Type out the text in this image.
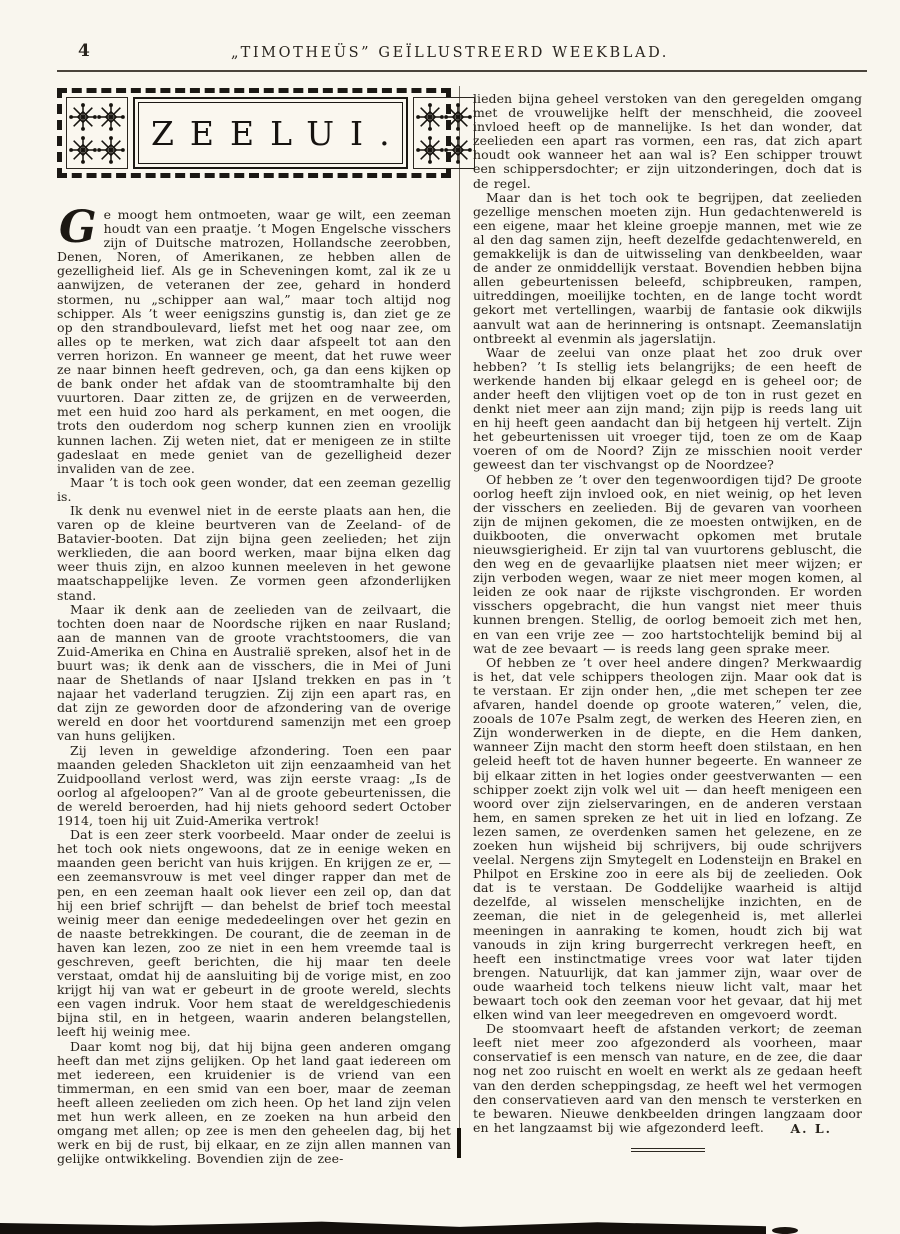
4	„TIMOTHEÜS” GEÏLLUSTREERD WEEKBLAD.
ZEELUI.

Ge moogt hem ontmoeten, waar ge wilt, een zeeman houdt van een praatje. ’t Mogen Engelsche visschers zijn of Duitsche matrozen, Hollandsche zeerobben, Denen, Noren, of Amerikanen, ze hebben allen de gezelligheid lief. Als ge in Scheveningen komt, zal ik ze u aanwijzen, de veteranen der zee, gehard in honderd stormen, nu „schipper aan wal,” maar toch altijd nog schipper. Als ’t weer eenigszins gunstig is, dan ziet ge ze op den strandboulevard, liefst met het oog naar zee, om alles op te merken, wat zich daar afspeelt tot aan den verren horizon. En wanneer ge meent, dat het ruwe weer ze naar binnen heeft gedreven, och, ga dan eens kijken op de bank onder het afdak van de stoomtramhalte bij den vuurtoren. Daar zitten ze, de grijzen en de verweerden, met een huid zoo hard als perkament, en met oogen, die trots den ouderdom nog scherp kunnen zien en vroolijk kunnen lachen. Zij weten niet, dat er menigeen ze in stilte gadeslaat en mede geniet van de gezelligheid dezer invaliden van de zee.

Maar ’t is toch ook geen wonder, dat een zeeman gezellig is.

Ik denk nu evenwel niet in de eerste plaats aan hen, die varen op de kleine beurtveren van de Zeeland- of de Batavier-booten. Dat zijn bijna geen zeelieden; het zijn werklieden, die aan boord werken, maar bijna elken dag weer thuis zijn, en alzoo kunnen meeleven in het gewone maatschappelijke leven. Ze vormen geen afzonderlijken stand.

Maar ik denk aan de zeelieden van de zeilvaart, die tochten doen naar de Noordsche rijken en naar Rusland; aan de mannen van de groote vrachtstoomers, die van Zuid-Amerika en China en Australië spreken, alsof het in de buurt was; ik denk aan de visschers, die in Mei of Juni naar de Shetlands of naar IJsland trekken en pas in ’t najaar het vaderland terugzien. Zij zijn een apart ras, en dat zijn ze geworden door de afzondering van de overige wereld en door het voortdurend samenzijn met een groep van huns gelijken.

Zij leven in geweldige afzondering. Toen een paar maanden geleden Shackleton uit zijn eenzaamheid van het Zuidpoolland verlost werd, was zijn eerste vraag: „Is de oorlog al afgeloopen?” Van al de groote gebeurtenissen, die de wereld beroerden, had hij niets gehoord sedert October 1914, toen hij uit Zuid-Amerika vertrok!

Dat is een zeer sterk voorbeeld. Maar onder de zeelui is het toch ook niets ongewoons, dat ze in eenige weken en maanden geen bericht van huis krijgen. En krijgen ze er, — een zeemansvrouw is met veel dinger rapper dan met de pen, en een zeeman haalt ook liever een zeil op, dan dat hij een brief schrijft — dan behelst de brief toch meestal weinig meer dan eenige mededeelingen over het gezin en de naaste betrekkingen. De courant, die de zeeman in de haven kan lezen, zoo ze niet in een hem vreemde taal is geschreven, geeft berichten, die hij maar ten deele verstaat, omdat hij de aansluiting bij de vorige mist, en zoo krijgt hij van wat er gebeurt in de groote wereld, slechts een vagen indruk. Voor hem staat de wereldgeschiedenis bijna stil, en in hetgeen, waarin anderen belangstellen, leeft hij weinig mee.

Daar komt nog bij, dat hij bijna geen anderen omgang heeft dan met zijns gelijken. Op het land gaat iedereen om met iedereen, een kruidenier is de vriend van een timmerman, en een smid van een boer, maar de zeeman heeft alleen zeelieden om zich heen. Op het land zijn velen met hun werk alleen, en ze zoeken na hun arbeid den omgang met allen; op zee is men den geheelen dag, bij het werk en bij de rust, bij elkaar, en ze zijn allen mannen van gelijke ontwikkeling. Bovendien zijn de zee-

lieden bijna geheel verstoken van den geregelden omgang met de vrouwelijke helft der menschheid, die zooveel invloed heeft op de mannelijke. Is het dan wonder, dat zeelieden een apart ras vormen, een ras, dat zich apart houdt ook wanneer het aan wal is? Een schipper trouwt een schippersdochter; er zijn uitzonderingen, doch dat is de regel.

Maar dan is het toch ook te begrijpen, dat zeelieden gezellige menschen moeten zijn. Hun gedachtenwereld is een eigene, maar het kleine groepje mannen, met wie ze al den dag samen zijn, heeft dezelfde gedachtenwereld, en gemakkelijk is dan de uitwisseling van denkbeelden, waar de ander ze onmiddellijk verstaat. Bovendien hebben bijna allen gebeurtenissen beleefd, schipbreuken, rampen, uitreddingen, moeilijke tochten, en de lange tocht wordt gekort met vertellingen, waarbij de fantasie ook dikwijls aanvult wat aan de herinnering is ontsnapt. Zeemanslatijn ontbreekt al evenmin als jagerslatijn.

Waar de zeelui van onze plaat het zoo druk over hebben? ’t Is stellig iets belangrijks; de een heeft de werkende handen bij elkaar gelegd en is geheel oor; de ander heeft den vlijtigen voet op de ton in rust gezet en denkt niet meer aan zijn mand; zijn pijp is reeds lang uit en hij heeft geen aandacht dan bij hetgeen hij vertelt. Zijn het gebeurtenissen uit vroeger tijd, toen ze om de Kaap voeren of om de Noord? Zijn ze misschien nooit verder geweest dan ter vischvangst op de Noordzee?

Of hebben ze ’t over den tegenwoordigen tijd? De groote oorlog heeft zijn invloed ook, en niet weinig, op het leven der visschers en zeelieden. Bij de gevaren van voorheen zijn de mijnen gekomen, die ze moesten ontwijken, en de duikbooten, die onverwacht opkomen met brutale nieuwsgierigheid. Er zijn tal van vuurtorens gebluscht, die den weg en de gevaarlijke plaatsen niet meer wijzen; er zijn verboden wegen, waar ze niet meer mogen komen, al leiden ze ook naar de rijkste vischgronden. Er worden visschers opgebracht, die hun vangst niet meer thuis kunnen brengen. Stellig, de oorlog bemoeit zich met hen, en van een vrije zee — zoo hartstochtelijk bemind bij al wat de zee bevaart — is reeds lang geen sprake meer.

Of hebben ze ’t over heel andere dingen? Merkwaardig is het, dat vele schippers theologen zijn. Maar ook dat is te verstaan. Er zijn onder hen, „die met schepen ter zee afvaren, handel doende op groote wateren,” velen, die, zooals de 107e Psalm zegt, de werken des Heeren zien, en Zijn wonderwerken in de diepte, en die Hem danken, wanneer Zijn macht den storm heeft doen stilstaan, en hen geleid heeft tot de haven hunner begeerte. En wanneer ze bij elkaar zitten in het logies onder geestverwanten — een schipper zoekt zijn volk wel uit — dan heeft menigeen een woord over zijn zielservaringen, en de anderen verstaan hem, en samen spreken ze het uit in lied en lofzang. Ze lezen samen, ze overdenken samen het gelezene, en ze zoeken hun wijsheid bij schrijvers, bij oude schrijvers veelal. Nergens zijn Smytegelt en Lodensteijn en Brakel en Philpot en Erskine zoo in eere als bij de zeelieden. Ook dat is te verstaan. De Goddelijke waarheid is altijd dezelfde, al wisselen menschelijke inzichten, en de zeeman, die niet in de gelegenheid is, met allerlei meeningen in aanraking te komen, houdt zich bij wat vanouds in zijn kring burgerrecht verkregen heeft, en heeft een instinctmatige vrees voor wat later tijden brengen. Natuurlijk, dat kan jammer zijn, waar over de oude waarheid toch telkens nieuw licht valt, maar het bewaart toch ook den zeeman voor het gevaar, dat hij met elken wind van leer meegedreven en omgevoerd wordt.

De stoomvaart heeft de afstanden verkort; de zeeman leeft niet meer zoo afgezonderd als voorheen, maar conservatief is een mensch van nature, en de zee, die daar nog net zoo ruischt en woelt en werkt als ze gedaan heeft van den derden scheppingsdag, ze heeft wel het vermogen den conservatieven aard van den mensch te versterken en te bewaren. Nieuwe denkbeelden dringen langzaam door en het langzaamst bij wie afgezonderd leeft.	A. L.
